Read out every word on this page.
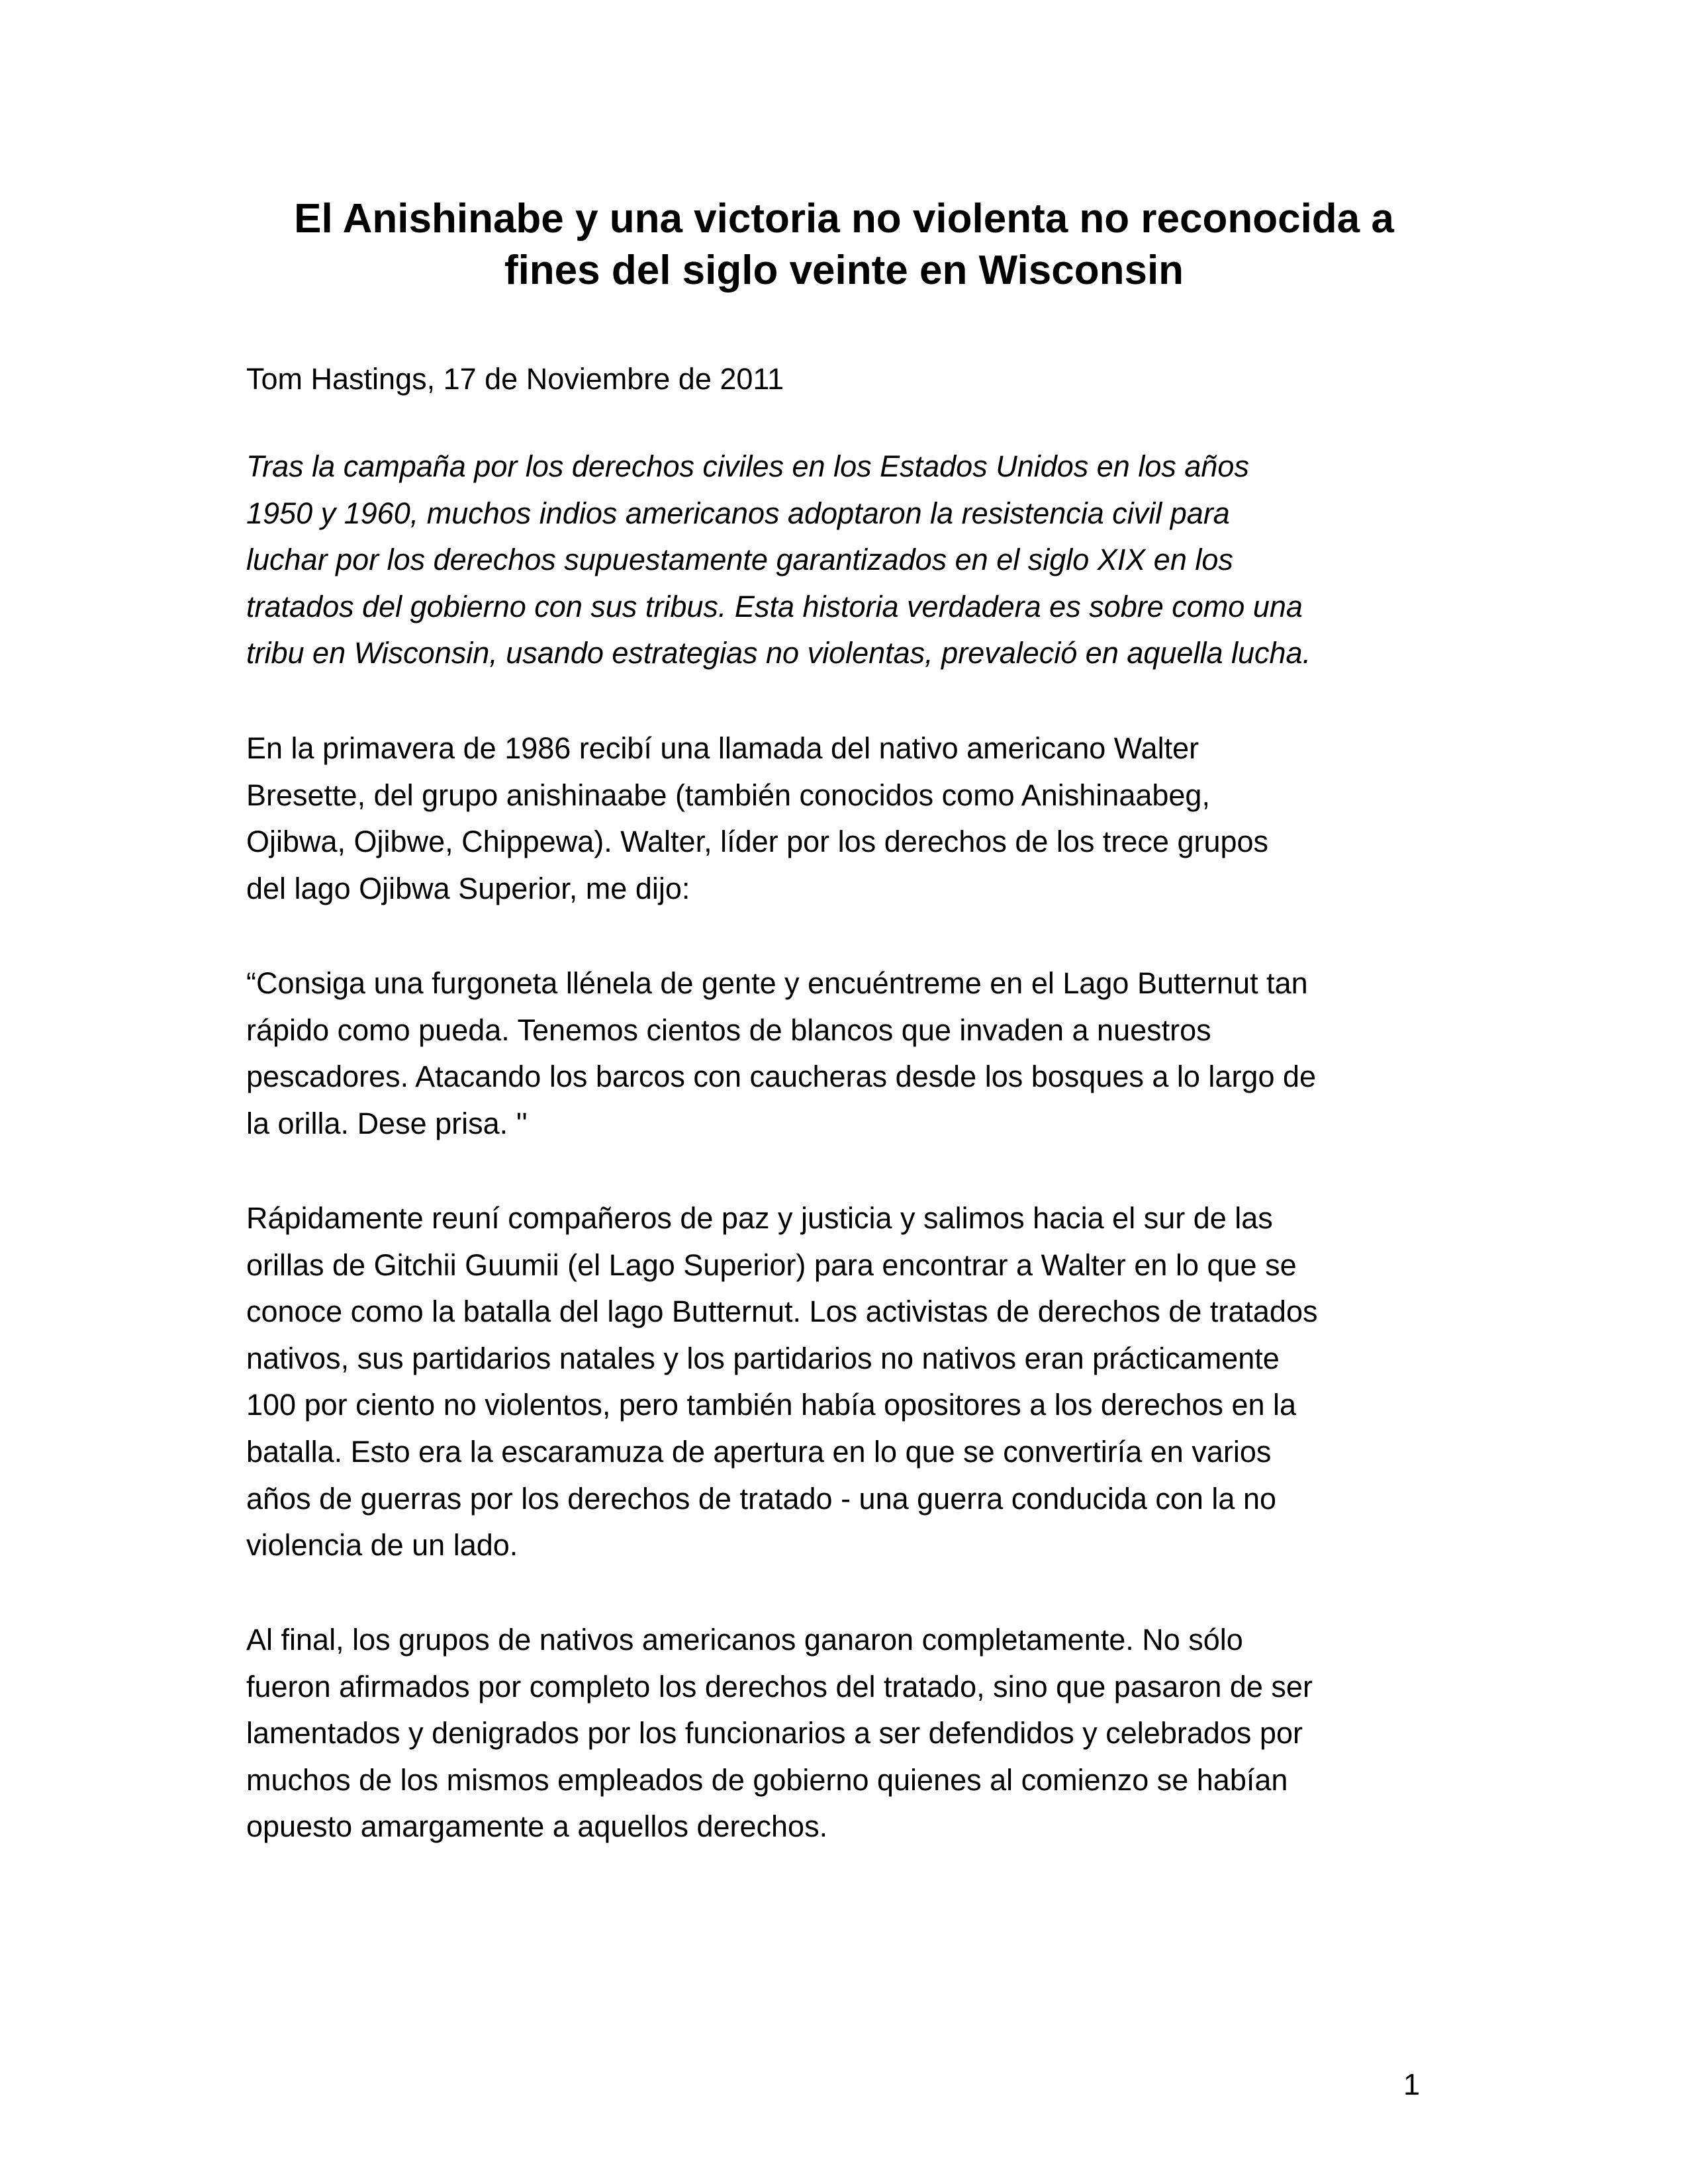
El Anishinabe y una victoria no violenta no reconocida a
fines del siglo veinte en Wisconsin

Tom Hastings, 17 de Noviembre de 2011

Tras la campaña por los derechos civiles en los Estados Unidos en los años
1950 y 1960, muchos indios americanos adoptaron la resistencia civil para
luchar por los derechos supuestamente garantizados en el siglo XIX en los
tratados del gobierno con sus tribus. Esta historia verdadera es sobre como una
tribu en Wisconsin, usando estrategias no violentas, prevaleció en aquella lucha.

En la primavera de 1986 recibí una llamada del nativo americano Walter
Bresette, del grupo anishinaabe (también conocidos como Anishinaabeg,
Ojibwa, Ojibwe, Chippewa). Walter, líder por los derechos de los trece grupos
del lago Ojibwa Superior, me dijo:

“Consiga una furgoneta llénela de gente y encuéntreme en el Lago Butternut tan
rápido como pueda. Tenemos cientos de blancos que invaden a nuestros
pescadores. Atacando los barcos con caucheras desde los bosques a lo largo de
la orilla. Dese prisa. ''

Rápidamente reuní compañeros de paz y justicia y salimos hacia el sur de las
orillas de Gitchii Guumii (el Lago Superior) para encontrar a Walter en lo que se
conoce como la batalla del lago Butternut. Los activistas de derechos de tratados
nativos, sus partidarios natales y los partidarios no nativos eran prácticamente
100 por ciento no violentos, pero también había opositores a los derechos en la
batalla. Esto era la escaramuza de apertura en lo que se convertiría en varios
años de guerras por los derechos de tratado - una guerra conducida con la no
violencia de un lado.

Al final, los grupos de nativos americanos ganaron completamente. No sólo
fueron afirmados por completo los derechos del tratado, sino que pasaron de ser
lamentados y denigrados por los funcionarios a ser defendidos y celebrados por
muchos de los mismos empleados de gobierno quienes al comienzo se habían
opuesto amargamente a aquellos derechos.

1
